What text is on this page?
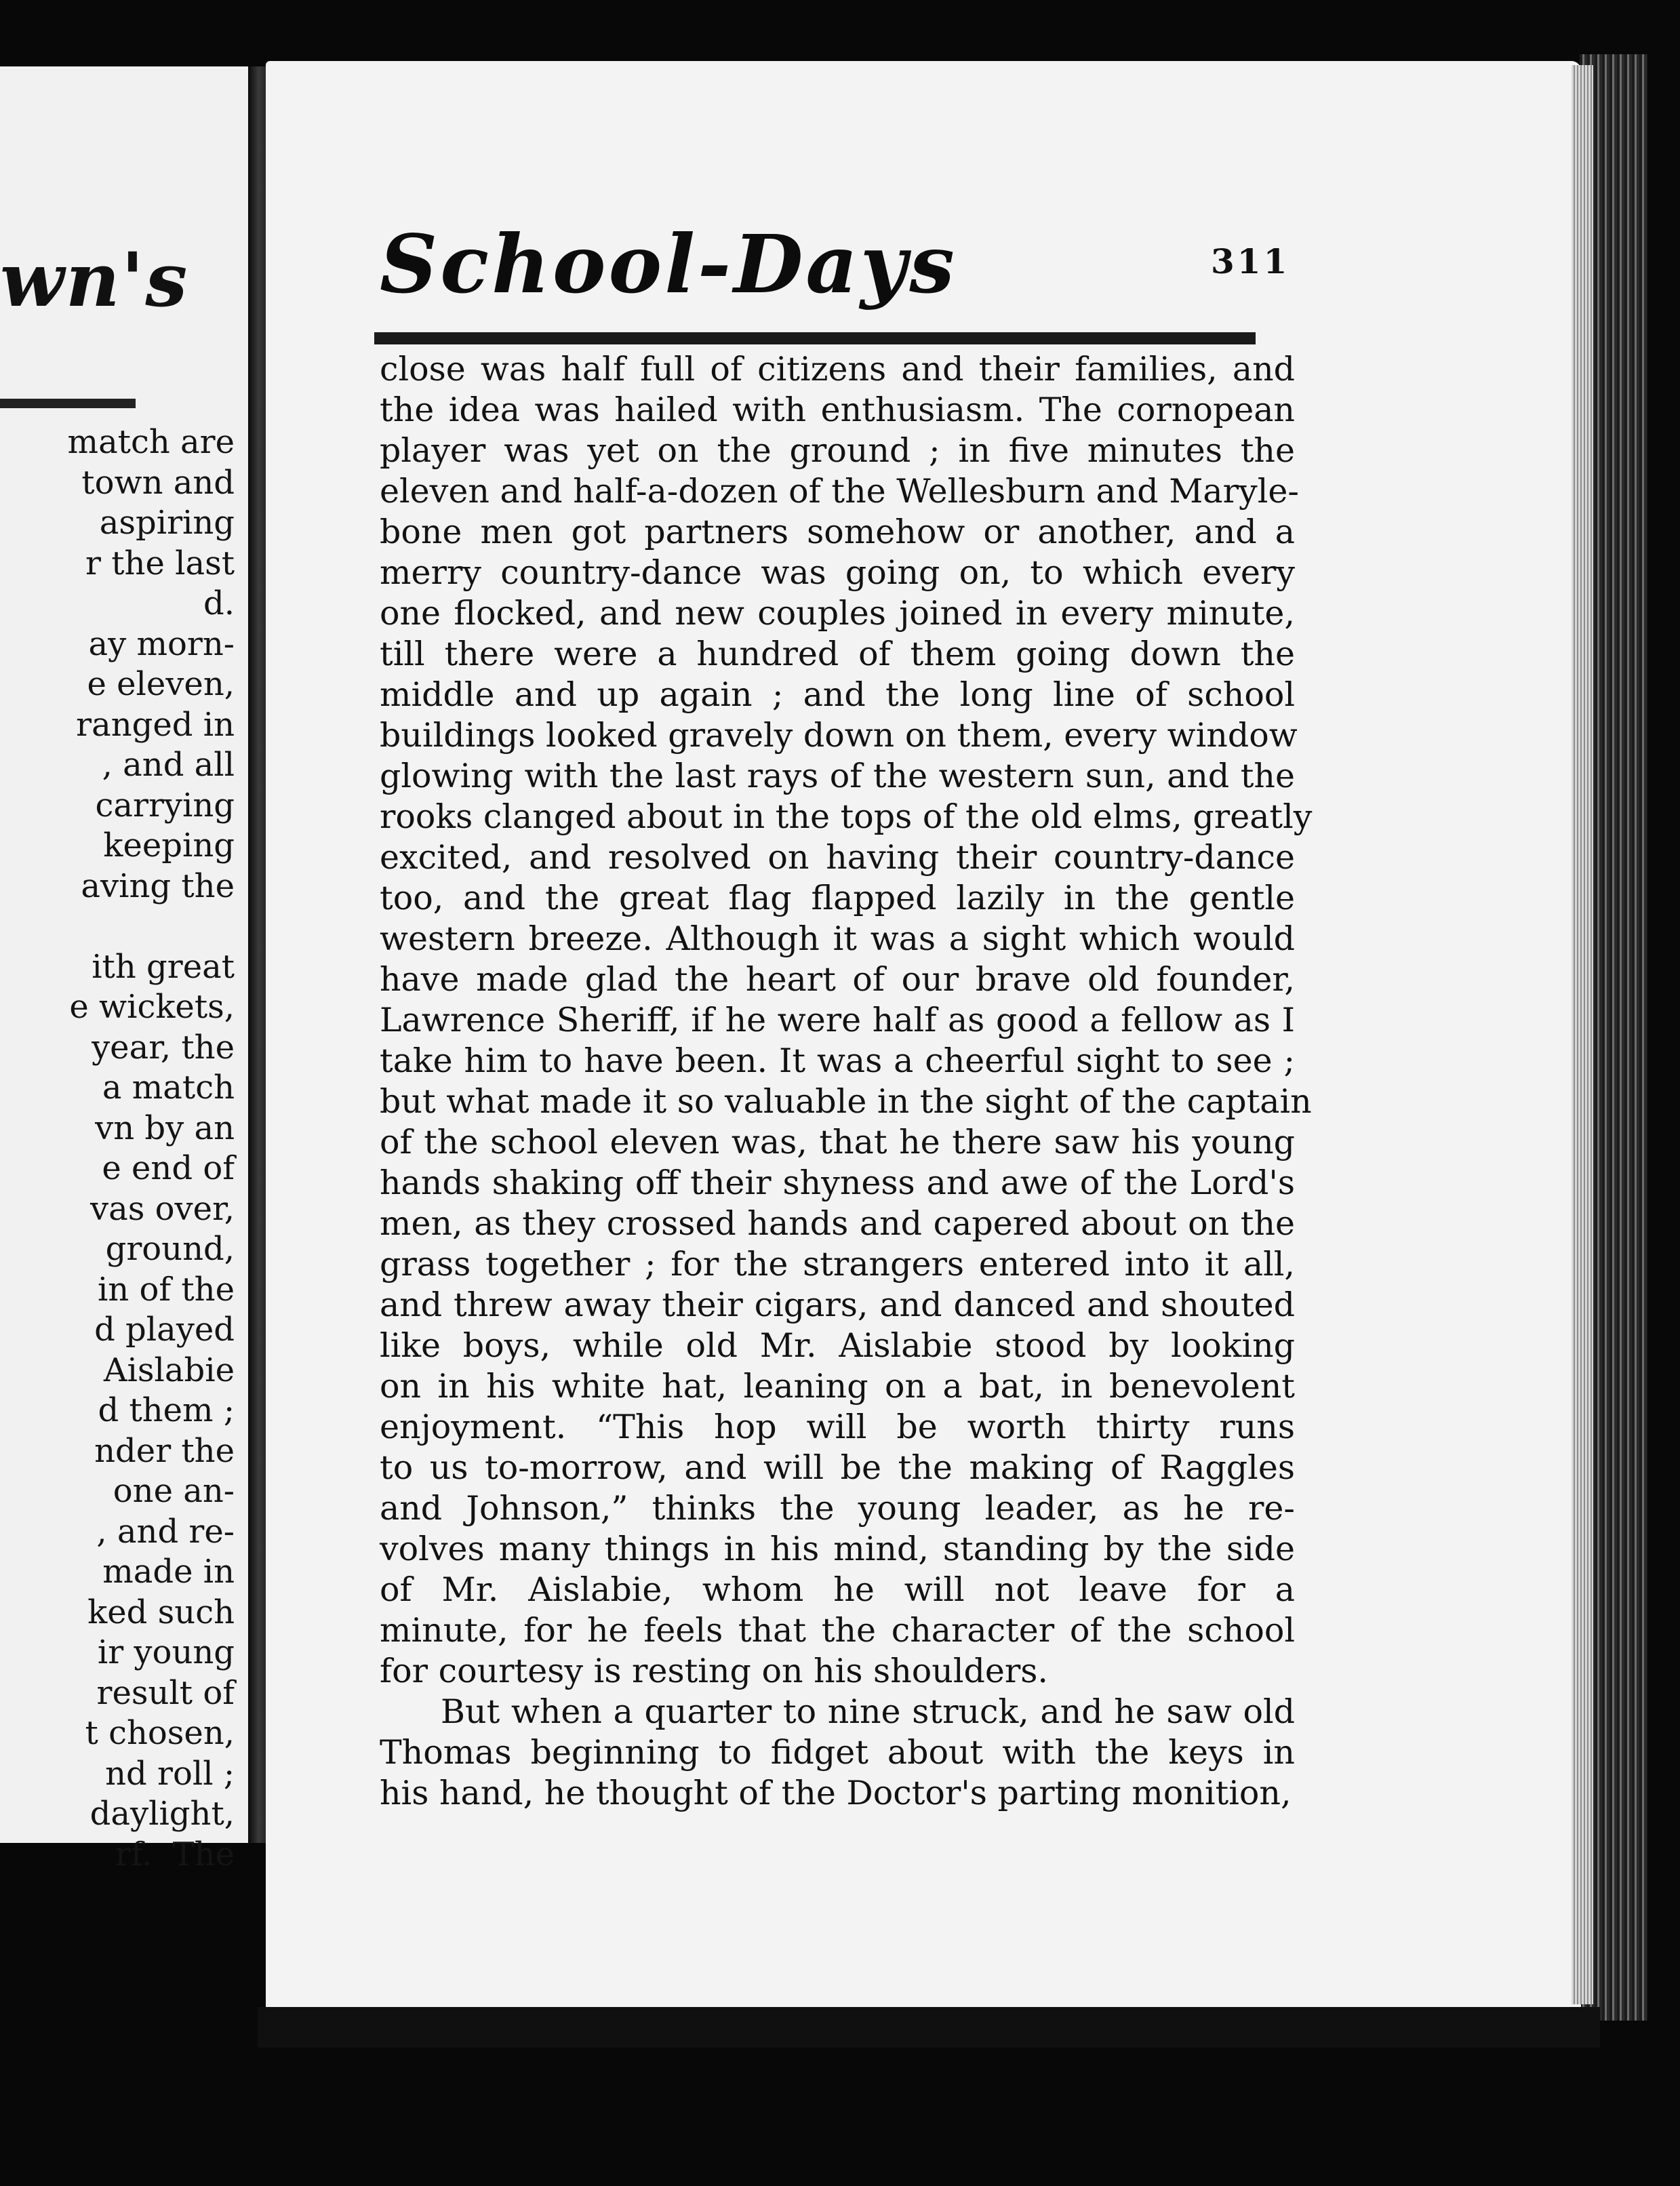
wn's
match are
town and
aspiring
r the last
d.
ay morn-
e eleven,
ranged in
, and all
carrying
keeping
aving the
ith great
e wickets,
year, the
a match
vn by an
e end of
vas over,
ground,
in of the
d played
Aislabie
d them ;
nder the
one an-
, and re-
made in
ked such
ir young
result of
t chosen,
nd roll ;
daylight,
rf.  The
School-Days	311
close was half full of citizens and their families, and
the idea was hailed with enthusiasm. The cornopean
player was yet on the ground ; in five minutes the
eleven and half-a-dozen of the Wellesburn and Maryle-
bone men got partners somehow or another, and a
merry country-dance was going on, to which every
one flocked, and new couples joined in every minute,
till there were a hundred of them going down the
middle and up again ; and the long line of school
buildings looked gravely down on them, every window
glowing with the last rays of the western sun, and the
rooks clanged about in the tops of the old elms, greatly
excited, and resolved on having their country-dance
too, and the great flag flapped lazily in the gentle
western breeze. Although it was a sight which would
have made glad the heart of our brave old founder,
Lawrence Sheriff, if he were half as good a fellow as I
take him to have been. It was a cheerful sight to see ;
but what made it so valuable in the sight of the captain
of the school eleven was, that he there saw his young
hands shaking off their shyness and awe of the Lord's
men, as they crossed hands and capered about on the
grass together ; for the strangers entered into it all,
and threw away their cigars, and danced and shouted
like boys, while old Mr. Aislabie stood by looking
on in his white hat, leaning on a bat, in benevolent
enjoyment. “This hop will be worth thirty runs
to us to-morrow, and will be the making of Raggles
and Johnson,” thinks the young leader, as he re-
volves many things in his mind, standing by the side
of Mr. Aislabie, whom he will not leave for a
minute, for he feels that the character of the school
for courtesy is resting on his shoulders.
But when a quarter to nine struck, and he saw old
Thomas beginning to fidget about with the keys in
his hand, he thought of the Doctor's parting monition,
